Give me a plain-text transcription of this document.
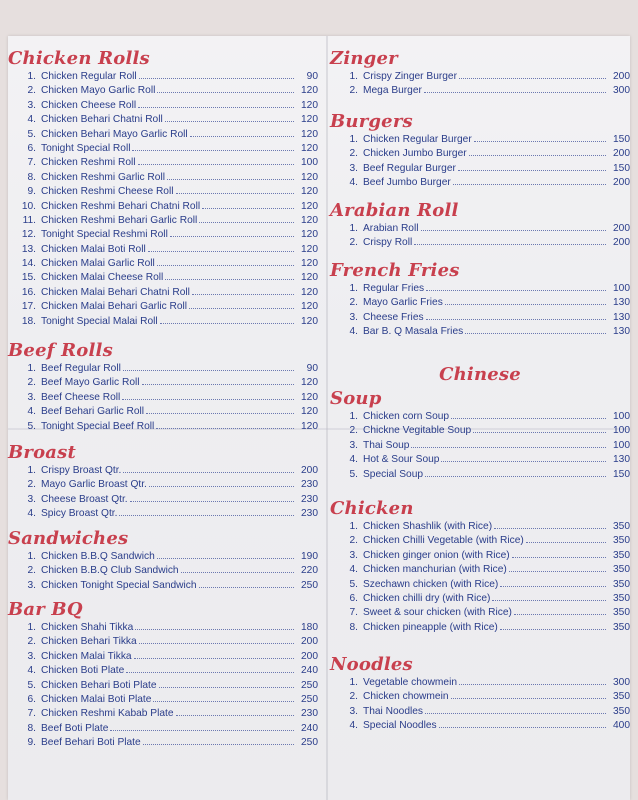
Chicken Rolls
1. Chicken Regular Roll	90
2. Chicken Mayo Garlic Roll	120
3. Chicken Cheese Roll	120
4. Chicken Behari Chatni Roll	120
5. Chicken Behari Mayo Garlic Roll	120
6. Tonight Special Roll	120
7. Chicken Reshmi Roll	100
8. Chicken Reshmi Garlic Roll	120
9. Chicken Reshmi Cheese Roll	120
10. Chicken Reshmi Behari Chatni Roll	120
11. Chicken Reshmi Behari Garlic Roll	120
12. Tonight Special Reshmi Roll	120
13. Chicken Malai Boti Roll	120
14. Chicken Malai Garlic Roll	120
15. Chicken Malai Cheese Roll	120
16. Chicken Malai Behari Chatni Roll	120
17. Chicken Malai Behari Garlic Roll	120
18. Tonight Special Malai Roll	120
Beef Rolls
1. Beef Regular Roll	90
2. Beef Mayo Garlic Roll	120
3. Beef Cheese Roll	120
4. Beef Behari Garlic Roll	120
5. Tonight Special Beef Roll	120
Broast
1. Crispy Broast Qtr.	200
2. Mayo Garlic Broast Qtr.	230
3. Cheese Broast Qtr.	230
4. Spicy Broast Qtr.	230
Sandwiches
1. Chicken B.B.Q Sandwich	190
2. Chicken B.B.Q Club Sandwich	220
3. Chicken Tonight Special Sandwich	250
Bar BQ
1. Chicken Shahi Tikka	180
2. Chicken Behari Tikka	200
3. Chicken Malai Tikka	200
4. Chicken Boti Plate	240
5. Chicken Behari Boti Plate	250
6. Chicken Malai Boti Plate	250
7. Chicken Reshmi Kabab Plate	230
8. Beef Boti Plate	240
9. Beef Behari Boti Plate	250
Zinger
1. Crispy Zinger Burger	200
2. Mega Burger	300
Burgers
1. Chicken Regular Burger	150
2. Chicken Jumbo Burger	200
3. Beef Regular Burger	150
4. Beef Jumbo Burger	200
Arabian Roll
1. Arabian Roll	200
2. Crispy Roll	200
French Fries
1. Regular Fries	100
2. Mayo Garlic Fries	130
3. Cheese Fries	130
4. Bar B. Q Masala Fries	130
Chinese
Soup
1. Chicken corn Soup	100
2. Chickne Vegitable Soup	100
3. Thai Soup	100
4. Hot & Sour Soup	130
5. Special Soup	150
Chicken
1. Chicken Shashlik (with Rice)	350
2. Chicken Chilli Vegetable (with Rice)	350
3. Chicken ginger onion (with Rice)	350
4. Chicken manchurian (with Rice)	350
5. Szechawn chicken (with Rice)	350
6. Chicken chilli dry (with Rice)	350
7. Sweet & sour chicken (with Rice)	350
8. Chicken pineapple (with Rice)	350
Noodles
1. Vegetable chowmein	300
2. Chicken chowmein	350
3. Thai Noodles	350
4. Special Noodles	400
